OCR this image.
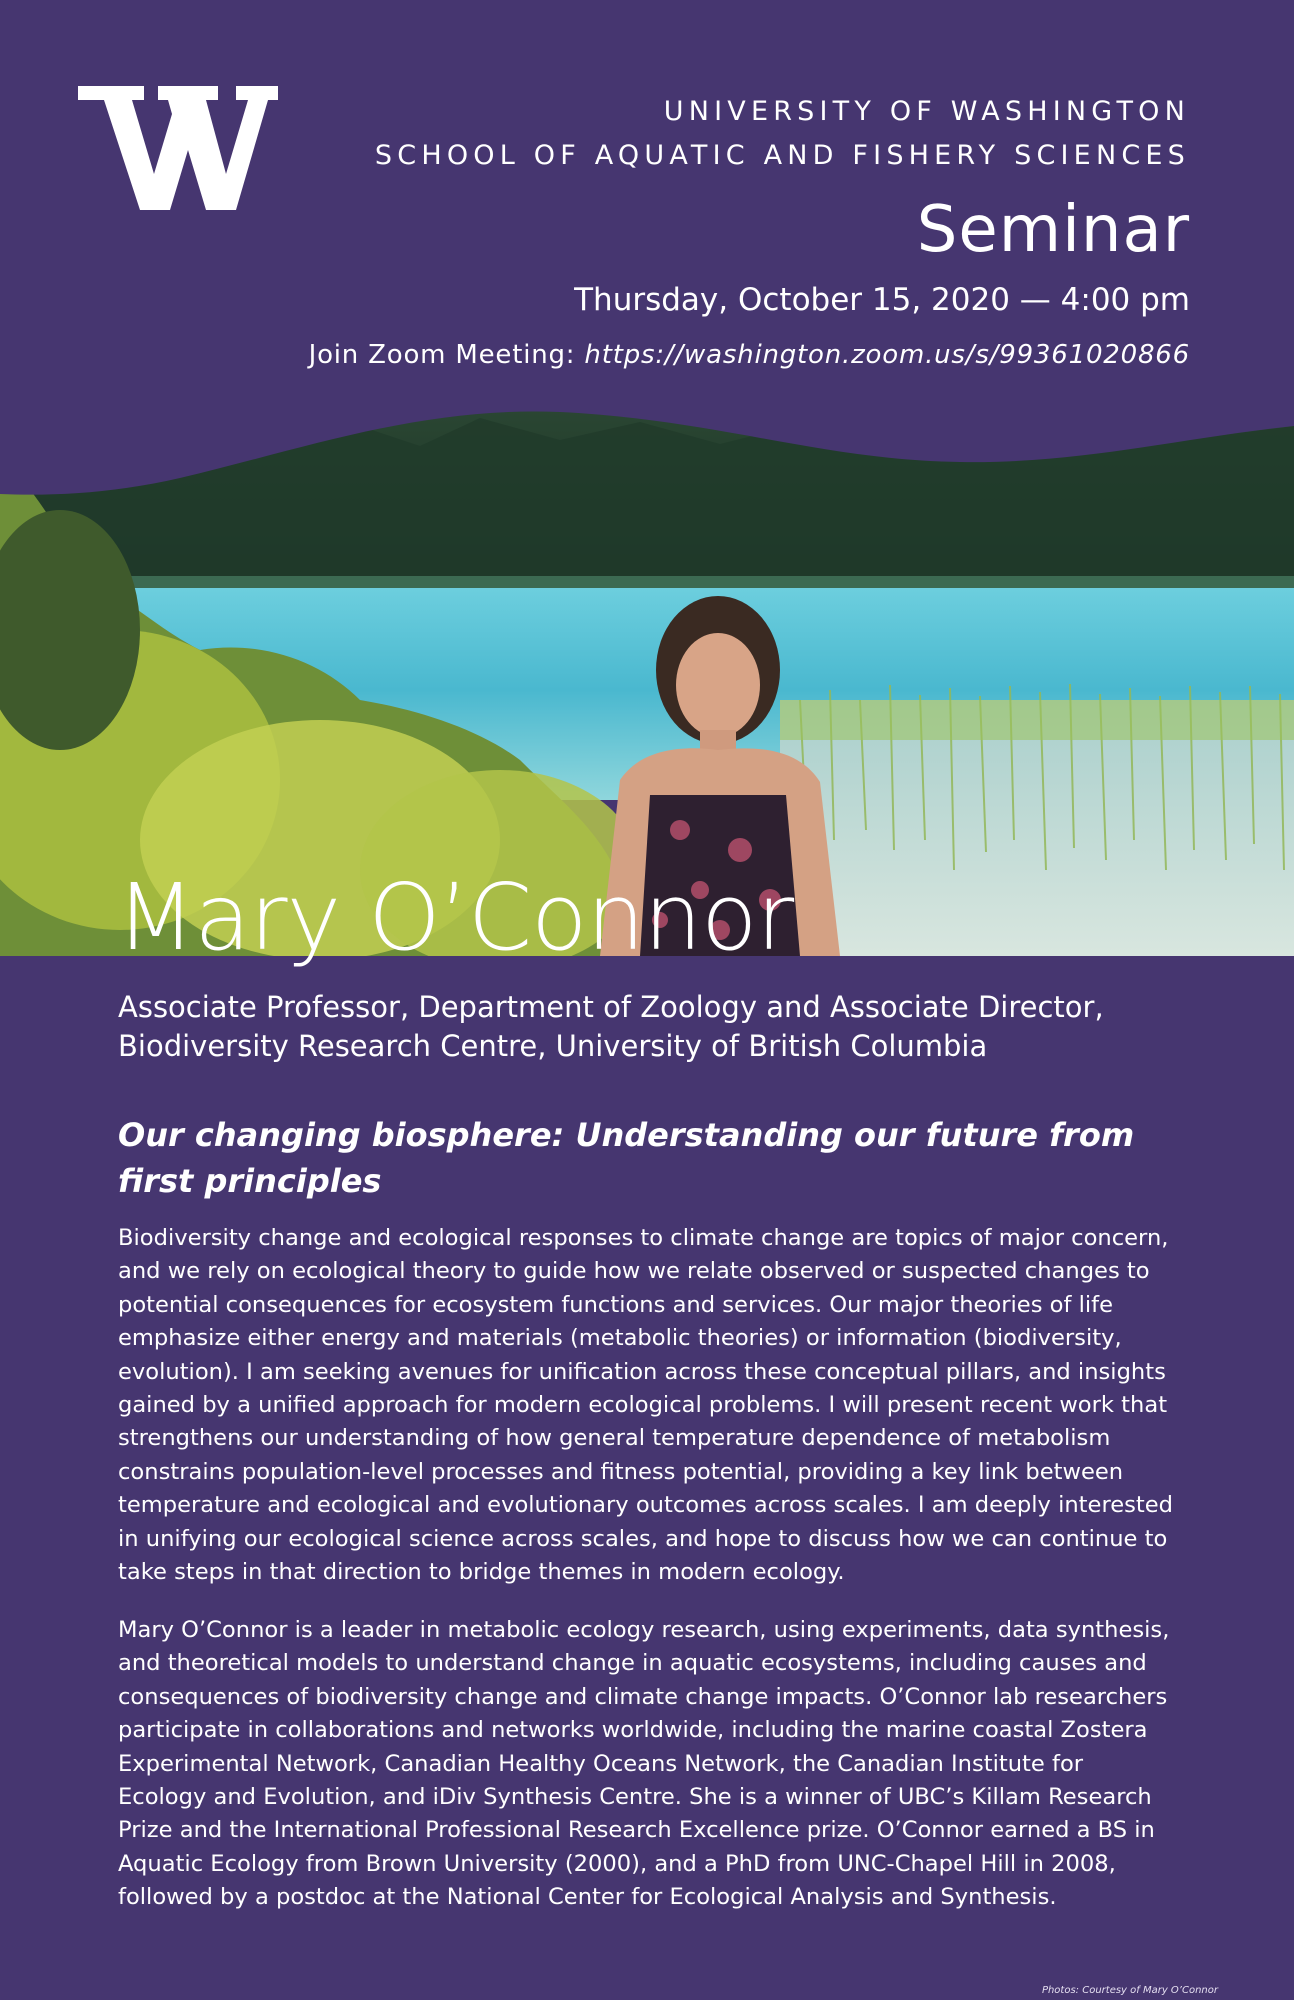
UNIVERSITY OF WASHINGTON
SCHOOL OF AQUATIC AND FISHERY SCIENCES
Seminar
Thursday, October 15, 2020 — 4:00 pm
Join Zoom Meeting: https://washington.zoom.us/s/99361020866
Mary O’Connor
Associate Professor, Department of Zoology and Associate Director, Biodiversity Research Centre, University of British Columbia
Our changing biosphere: Understanding our future from first principles

Biodiversity change and ecological responses to climate change are topics of major concern, and we rely on ecological theory to guide how we relate observed or suspected changes to potential consequences for ecosystem functions and services. Our major theories of life emphasize either energy and materials (metabolic theories) or information (biodiversity, evolution). I am seeking avenues for unification across these conceptual pillars, and insights gained by a unified approach for modern ecological problems. I will present recent work that strengthens our understanding of how general temperature dependence of metabolism constrains population-level processes and fitness potential, providing a key link between temperature and ecological and evolutionary outcomes across scales. I am deeply interested in unifying our ecological science across scales, and hope to discuss how we can continue to take steps in that direction to bridge themes in modern ecology.

Mary O’Connor is a leader in metabolic ecology research, using experiments, data synthesis, and theoretical models to understand change in aquatic ecosystems, including causes and consequences of biodiversity change and climate change impacts. O’Connor lab researchers participate in collaborations and networks worldwide, including the marine coastal Zostera Experimental Network, Canadian Healthy Oceans Network, the Canadian Institute for Ecology and Evolution, and iDiv Synthesis Centre. She is a winner of UBC’s Killam Research Prize and the International Professional Research Excellence prize. O’Connor earned a BS in Aquatic Ecology from Brown University (2000), and a PhD from UNC-Chapel Hill in 2008, followed by a postdoc at the National Center for Ecological Analysis and Synthesis.

Photos: Courtesy of Mary O’Connor
